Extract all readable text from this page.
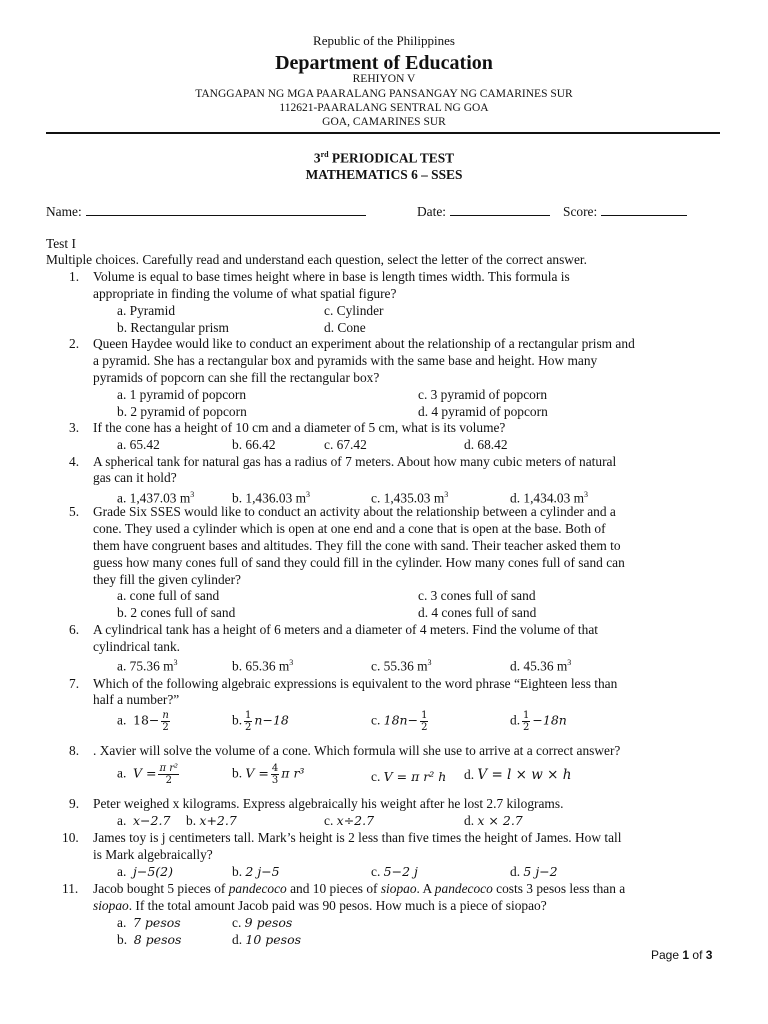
Republic of the Philippines
Department of Education
REHIYON V
TANGGAPAN NG MGA PAARALANG PANSANGAY NG CAMARINES SUR
112621-PAARALANG SENTRAL NG GOA
GOA, CAMARINES SUR
3rd PERIODICAL TEST
MATHEMATICS 6 – SSES
Name:	Date:	Score:
Test I
Multiple choices. Carefully read and understand each question, select the letter of the correct answer.
1. Volume is equal to base times height where in base is length times width. This formula is
appropriate in finding the volume of what spatial figure?
a. Pyramid	c. Cylinder
b. Rectangular prism	d. Cone
2. Queen Haydee would like to conduct an experiment about the relationship of a rectangular prism and
a pyramid. She has a rectangular box and pyramids with the same base and height. How many
pyramids of popcorn can she fill the rectangular box?
a. 1 pyramid of popcorn	c. 3 pyramid of popcorn
b. 2 pyramid of popcorn	d. 4 pyramid of popcorn
3. If the cone has a height of 10 cm and a diameter of 5 cm, what is its volume?
a. 65.42	b. 66.42	c. 67.42	d. 68.42
4. A spherical tank for natural gas has a radius of 7 meters. About how many cubic meters of natural
gas can it hold?
a. 1,437.03 $m^3$	b. 1,436.03 $m^3$	c. 1,435.03 $m^3$	d. 1,434.03 $m^3$
5. Grade Six SSES would like to conduct an activity about the relationship between a cylinder and a
cone. They used a cylinder which is open at one end and a cone that is open at the base. Both of
them have congruent bases and altitudes. They fill the cone with sand. Their teacher asked them to
guess how many cones full of sand they could fill in the cylinder. How many cones full of sand can
they fill the given cylinder?
a. cone full of sand	c. 3 cones full of sand
b. 2 cones full of sand	d. 4 cones full of sand
6. A cylindrical tank has a height of 6 meters and a diameter of 4 meters. Find the volume of that
cylindrical tank.
a. 75.36 $m^3$	b. 65.36 $m^3$	c. 55.36 $m^3$	d. 45.36 $m^3$
7. Which of the following algebraic expressions is equivalent to the word phrase “Eighteen less than
half a number?”
a. $18- \frac{n}{2}$	b. $\frac{1}{2} n-18$	c. $18n- \frac{1}{2}$	d. $\frac{1}{2} -18n$
8. . Xavier will solve the volume of a cone. Which formula will she use to arrive at a correct answer?
a. $V = \frac{\text{π r²}}{2}$	b. $V = \frac{4}{3}$ π r³	c. V = π r² h d. V = l × w × h
9. Peter weighed x kilograms. Express algebraically his weight after he lost 2.7 kilograms.
a. x−2.7 b. x+2.7	c. x÷2.7	d. x × 2.7
10. James toy is j centimeters tall. Mark’s height is 2 less than five times the height of James. How tall
is Mark algebraically?
a. j−5(2)	b. 2 j−5	c. 5−2 j	d. 5 j−2
11. Jacob bought 5 pieces of pandecoco and 10 pieces of siopao. A pandecoco costs 3 pesos less than a
siopao. If the total amount Jacob paid was 90 pesos. How much is a piece of siopao?
a. 7 pesos	c. 9 pesos
b. 8 pesos	d. 10 pesos
Page 1 of 3
